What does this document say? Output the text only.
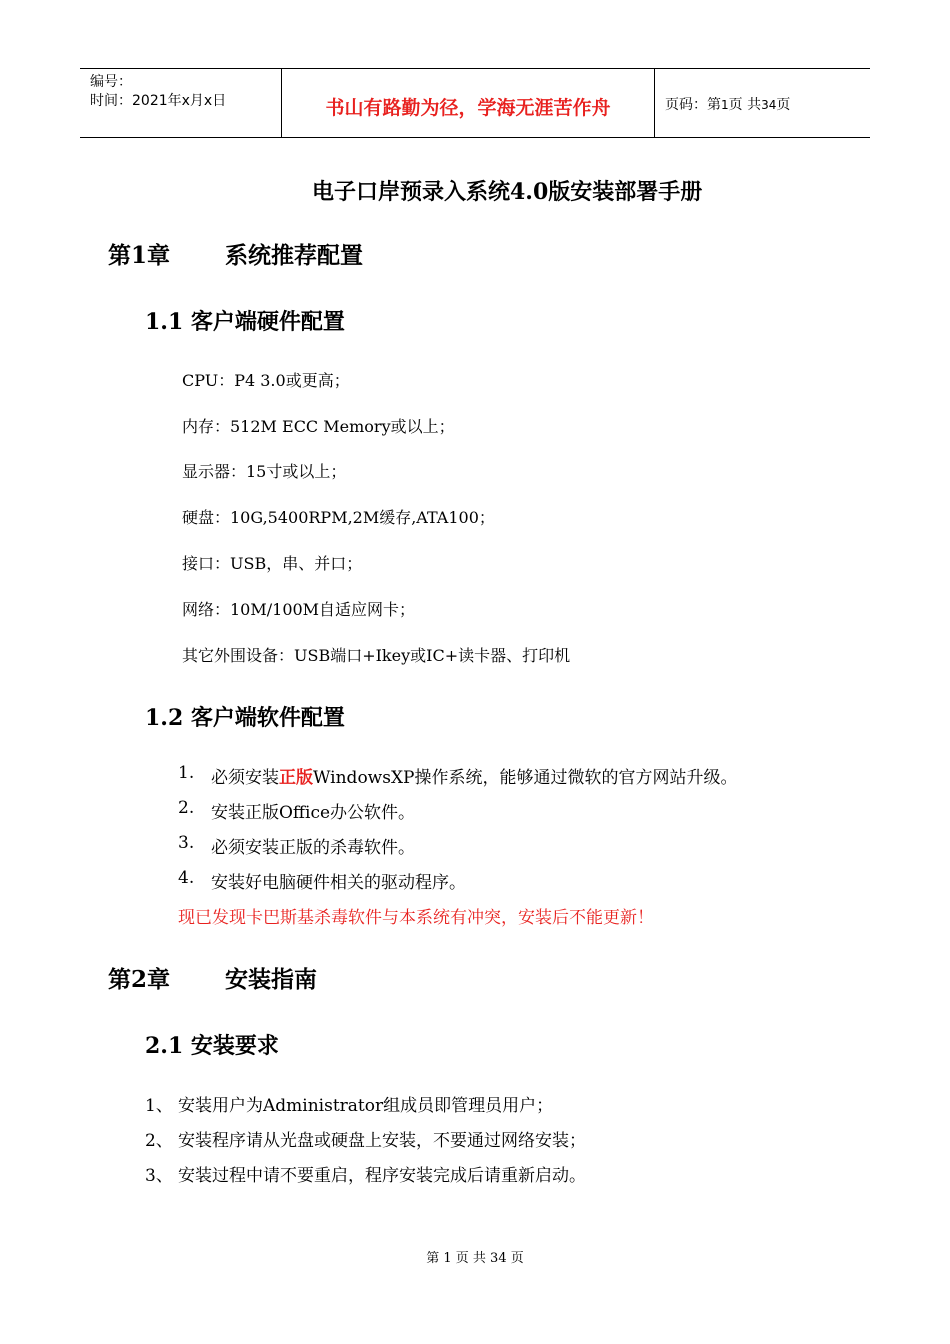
编号：
时间：2021年x月x日	书山有路勤为径，学海无涯苦作舟	页码：第1页 共34页
电子口岸预录入系统4.0版安装部署手册
第1章 系统推荐配置
1.1 客户端硬件配置
CPU：P4 3.0或更高；
内存：512M ECC Memory或以上；
显示器：15寸或以上；
硬盘：10G,5400RPM,2M缓存,ATA100；
接口：USB，串、并口；
网络：10M/100M自适应网卡；
其它外围设备：USB端口+Ikey或IC+读卡器、打印机
1.2 客户端软件配置
1. 必须安装正版WindowsXP操作系统，能够通过微软的官方网站升级。
2. 安装正版Office办公软件。
3. 必须安装正版的杀毒软件。
4. 安装好电脑硬件相关的驱动程序。
现已发现卡巴斯基杀毒软件与本系统有冲突，安装后不能更新！
第2章 安装指南
2.1 安装要求
1、 安装用户为Administrator组成员即管理员用户；
2、 安装程序请从光盘或硬盘上安装，不要通过网络安装；
3、 安装过程中请不要重启，程序安装完成后请重新启动。
第 1 页 共 34 页
